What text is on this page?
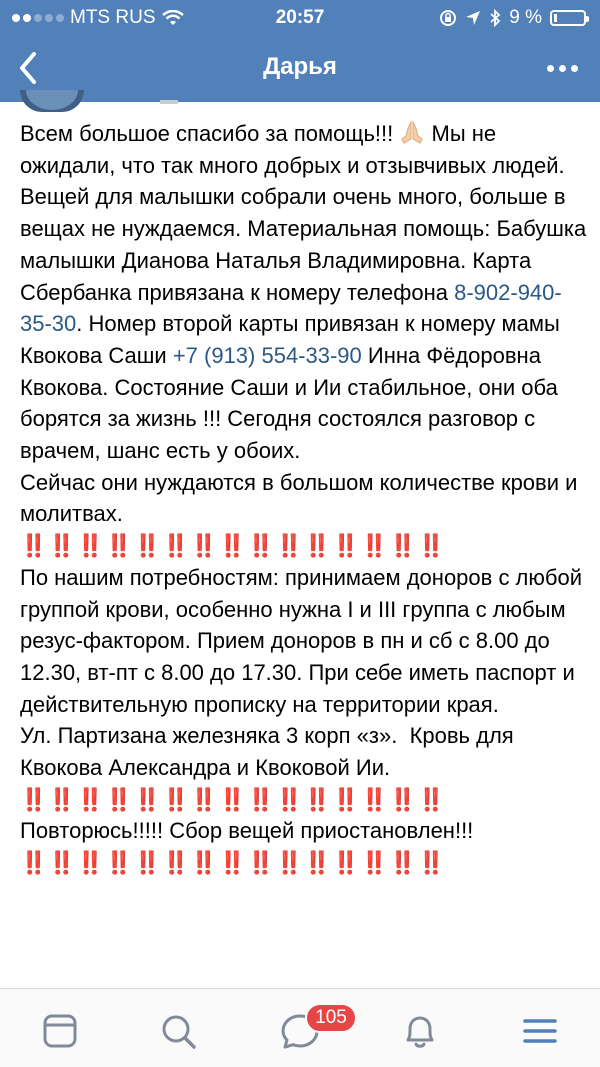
MTS RUS	20:57	9 %
Дарья
Всем большое спасибо за помощь!!!  Мы не ожидали, что так много добрых и отзывчивых людей. Вещей для малышки собрали очень много, больше в вещах не нуждаемся. Материальная помощь: Бабушка малышки Дианова Наталья Владимировна. Карта Сбербанка привязана к номеру телефона 8-902-940-35-30. Номер второй карты привязан к номеру мамы Квокова Саши +7 (913) 554-33-90 Инна Фёдоровна Квокова. Состояние Саши и Ии стабильное, они оба борятся за жизнь !!! Сегодня состоялся разговор с врачем, шанс есть у обоих.
Сейчас они нуждаются в большом количестве крови и молитвах.
‼️‼️‼️‼️‼️‼️‼️‼️‼️‼️‼️‼️‼️‼️‼️
По нашим потребностям: принимаем доноров с любой группой крови, особенно нужна I и III группа с любым резус-фактором. Прием доноров в пн и сб с 8.00 до 12.30, вт-пт с 8.00 до 17.30. При себе иметь паспорт и действительную прописку на территории края.
Ул. Партизана железняка 3 корп «з».  Кровь для Квокова Александра и Квоковой Ии.
‼️‼️‼️‼️‼️‼️‼️‼️‼️‼️‼️‼️‼️‼️‼️
Повторюсь!!!!! Сбор вещей приостановлен!!!
‼️‼️‼️‼️‼️‼️‼️‼️‼️‼️‼️‼️‼️‼️‼️
105
